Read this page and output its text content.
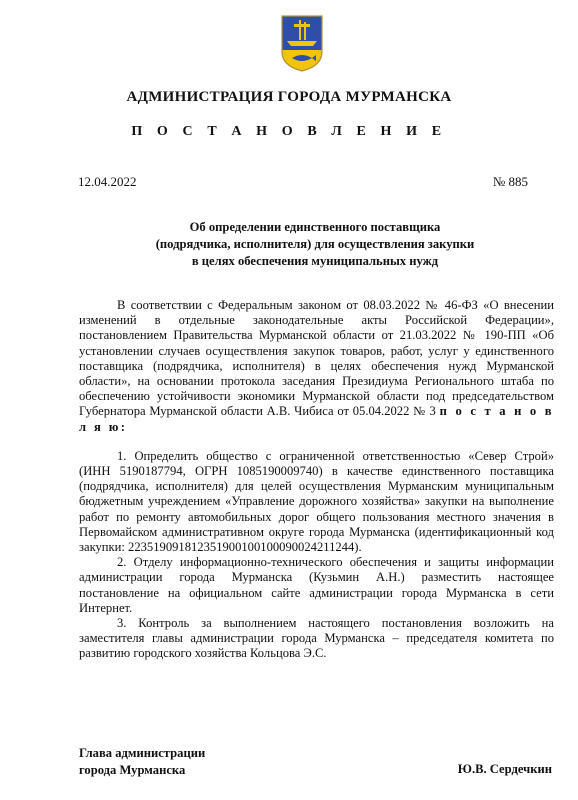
АДМИНИСТРАЦИЯ ГОРОДА МУРМАНСКА
П О С Т А Н О В Л Е Н И Е
12.04.2022	№ 885
Об определении единственного поставщика
(подрядчика, исполнителя) для осуществления закупки
в целях обеспечения муниципальных нужд

В соответствии с Федеральным законом от 08.03.2022 № 46-ФЗ «О внесении изменений в отдельные законодательные акты Российской Федерации», постановлением Правительства Мурманской области от 21.03.2022 № 190-ПП «Об установлении случаев осуществления закупок товаров, работ, услуг у единственного поставщика (подрядчика, исполнителя) в целях обеспечения нужд Мурманской области», на основании протокола заседания Президиума Регионального штаба по обеспечению устойчивости экономики Мурманской области под председательством Губернатора Мурманской области А.В. Чибиса от 05.04.2022 № 3 п о с т а н о в л я ю:

1. Определить общество с ограниченной ответственностью «Север Строй» (ИНН 5190187794, ОГРН 1085190009740) в качестве единственного поставщика (подрядчика, исполнителя) для целей осуществления Мурманским муниципальным бюджетным учреждением «Управление дорожного хозяйства» закупки на выполнение работ по ремонту автомобильных дорог общего пользования местного значения в Первомайском административном округе города Мурманска (идентификационный код закупки: 223519091812351900100100090024211244).

2. Отделу информационно-технического обеспечения и защиты информации администрации города Мурманска (Кузьмин А.Н.) разместить настоящее постановление на официальном сайте администрации города Мурманска в сети Интернет.

3. Контроль за выполнением настоящего постановления возложить на заместителя главы администрации города Мурманска – председателя комитета по развитию городского хозяйства Кольцова Э.С.

Глава администрации
города Мурманска	Ю.В. Сердечкин
